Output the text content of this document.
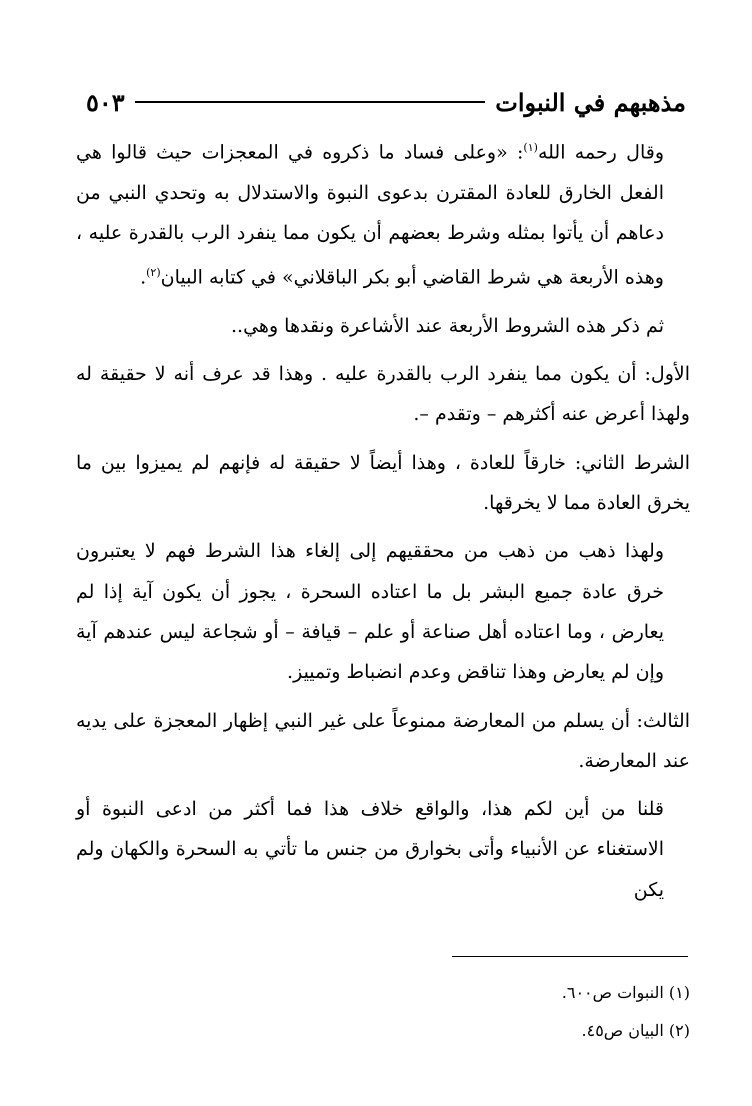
مذهبهم في النبوات
٥٠٣

وقال رحمه الله$^{(١)}$: «وعلى فساد ما ذكروه في المعجزات حيث قالوا هي الفعل الخارق للعادة المقترن بدعوى النبوة والاستدلال به وتحدي النبي من دعاهم أن يأتوا بمثله وشرط بعضهم أن يكون مما ينفرد الرب بالقدرة عليه ، وهذه الأربعة هي شرط القاضي أبو بكر الباقلاني» في كتابه البيان$^{(٢)}$.

ثم ذكر هذه الشروط الأربعة عند الأشاعرة ونقدها وهي..

الأول: أن يكون مما ينفرد الرب بالقدرة عليه . وهذا قد عرف أنه لا حقيقة له ولهذا أعرض عنه أكثرهم – وتقدم –.

الشرط الثاني: خارقاً للعادة ، وهذا أيضاً لا حقيقة له فإنهم لم يميزوا بين ما يخرق العادة مما لا يخرقها.

ولهذا ذهب من ذهب من محققيهم إلى إلغاء هذا الشرط فهم لا يعتبرون خرق عادة جميع البشر بل ما اعتاده السحرة ، يجوز أن يكون آية إذا لم يعارض ، وما اعتاده أهل صناعة أو علم – قيافة – أو شجاعة ليس عندهم آية وإن لم يعارض وهذا تناقض وعدم انضباط وتمييز.

الثالث: أن يسلم من المعارضة ممنوعاً على غير النبي إظهار المعجزة على يديه عند المعارضة.

قلنا من أين لكم هذا، والواقع خلاف هذا فما أكثر من ادعى النبوة أو الاستغناء عن الأنبياء وأتى بخوارق من جنس ما تأتي به السحرة والكهان ولم يكن

(١) النبوات ص٦٠٠.
(٢) البيان ص٤٥.
